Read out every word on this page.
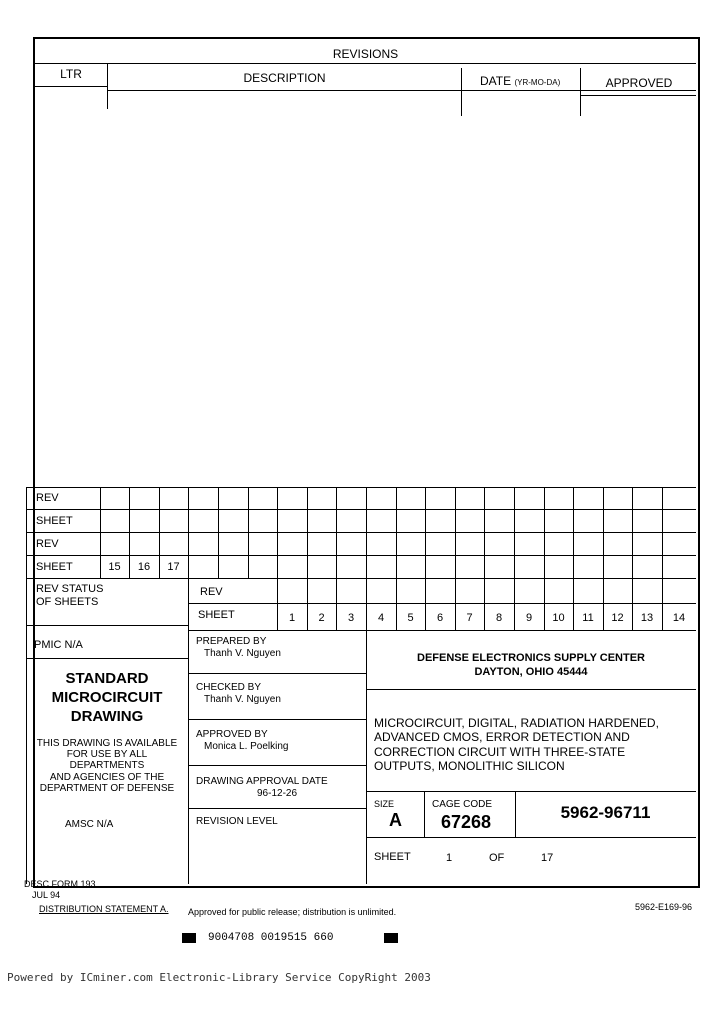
REVISIONS
LTR	DESCRIPTION	DATE (YR-MO-DA)	APPROVED
REV
SHEET
REV
SHEET	15	16	17
REV STATUS
OF SHEETS
REV
SHEET	1	2	3	4	5	6	7	8	9	10	11	12	13	14
PMIC N/A
STANDARD
MICROCIRCUIT
DRAWING
THIS DRAWING IS AVAILABLE
FOR USE BY ALL
DEPARTMENTS
AND AGENCIES OF THE
DEPARTMENT OF DEFENSE
AMSC N/A
PREPARED BY
Thanh V. Nguyen
CHECKED BY
Thanh V. Nguyen
APPROVED BY
Monica L. Poelking
DRAWING APPROVAL DATE
96-12-26
REVISION LEVEL
DEFENSE ELECTRONICS SUPPLY CENTER
DAYTON, OHIO 45444
MICROCIRCUIT, DIGITAL, RADIATION HARDENED,
ADVANCED CMOS, ERROR DETECTION AND
CORRECTION CIRCUIT WITH THREE-STATE
OUTPUTS, MONOLITHIC SILICON
SIZE
A
CAGE CODE
67268	5962-96711
SHEET	1	OF	17
DESC FORM 193
JUL 94
DISTRIBUTION STATEMENT A. Approved for public release; distribution is unlimited.	5962-E169-96
9004708 0019515 660
Powered by ICminer.com Electronic-Library Service CopyRight 2003
